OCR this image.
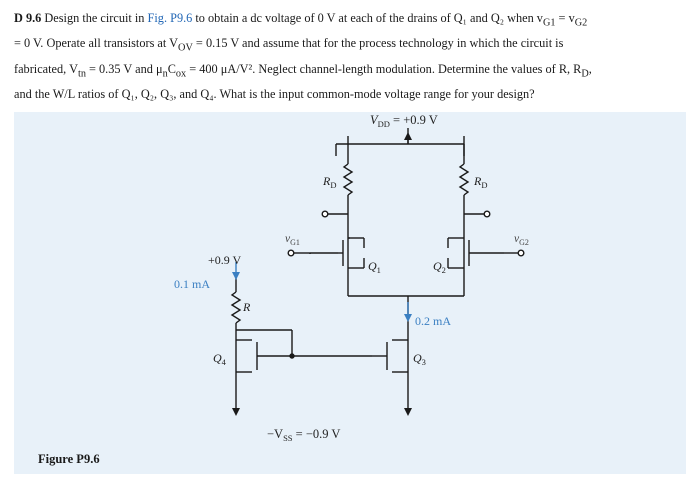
D 9.6 Design the circuit in Fig. P9.6 to obtain a dc voltage of 0 V at each of the drains of Q₁ and Q₂ when $v_{G1} = v_{G2}$
= 0 V. Operate all transistors at $V_{OV} = 0.15$ V and assume that for the process technology in which the circuit is
fabricated, $V_{tn} = 0.35$ V and $\mu_nC_{ox} = 400$ μA/V². Neglect channel-length modulation. Determine the values of R, $R_D$,
and the W/L ratios of Q₁, Q₂, Q₃, and Q₄. What is the input common-mode voltage range for your design?
$V_{DD} = +0.9$ V
$R_D$	$R_D$
$v_{G1}$	$v_{G2}$
$Q_1$	$Q_2$
$Q_3$
$Q_4$
R
+0.9 V
0.1 mA
0.2 mA
$-V_{SS} = -0.9$ V
Figure P9.6
